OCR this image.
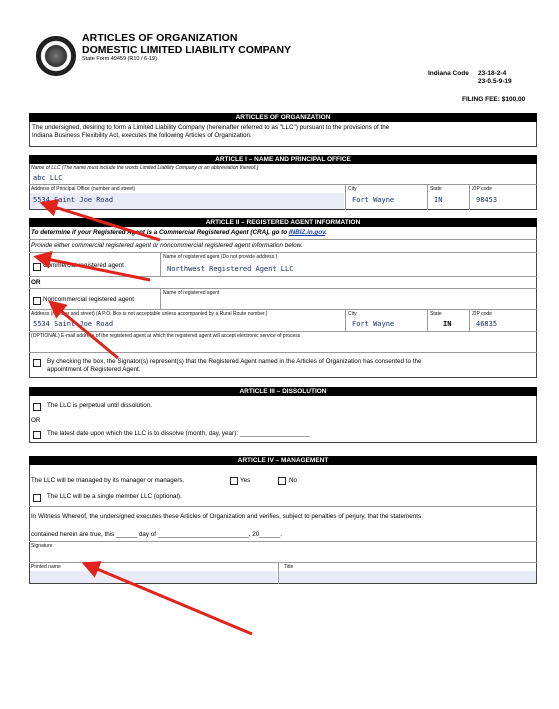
ARTICLES OF ORGANIZATION
DOMESTIC LIMITED LIABILITY COMPANY
State Form 49459 (R10 / 6-19)
Indiana Code 23-18-2-4
23-0.5-9-19
FILING FEE: $100.00
ARTICLES OF ORGANIZATION
The undersigned, desiring to form a Limited Liability Company (hereinafter referred to as "LLC") pursuant to the provisions of the
Indiana Business Flexibility Act, executes the following Articles of Organization.
ARTICLE I – NAME AND PRINCIPAL OFFICE
Name of LLC (The name must include the words Limited Liability Company or an abbreviation thereof.)
abc LLC
Address of Principal Office (number and street)
5534 Saint Joe Road
City
Fort Wayne
State
IN
ZIP code
98453
ARTICLE II – REGISTERED AGENT INFORMATION
To determine if your Registered Agent is a Commercial Registered Agent (CRA), go to INBIZ.in.gov.
Provide either commercial registered agent or noncommercial registered agent information below.
Commercial registered agent
Name of registered agent (Do not provide address.)
Northwest Registered Agent LLC
OR
Noncommercial registered agent
Name of registered agent
Address (number and street) (A P.O. Box is not acceptable unless accompanied by a Rural Route number.)
5534 Saint Joe Road
City
Fort Wayne
State
IN
ZIP code
46835
(OPTIONAL) E-mail address of the registered agent at which the registered agent will accept electronic service of process
By checking the box, the Signator(s) represent(s) that the Registered Agent named in the Articles of Organization has consented to the
appointment of Registered Agent.
ARTICLE III – DISSOLUTION
The LLC is perpetual until dissolution.
OR
The latest date upon which the LLC is to dissolve (month, day, year): ____________________
ARTICLE IV – MANAGEMENT
The LLC will be managed by its manager or managers.	Yes	No
The LLC will be a single member LLC (optional).
In Witness Whereof, the undersigned executes these Articles of Organization and verifies, subject to penalties of perjury, that the statements
contained herein are true, this ______ day of __________________________, 20______.
Signature
Printed name	Title
